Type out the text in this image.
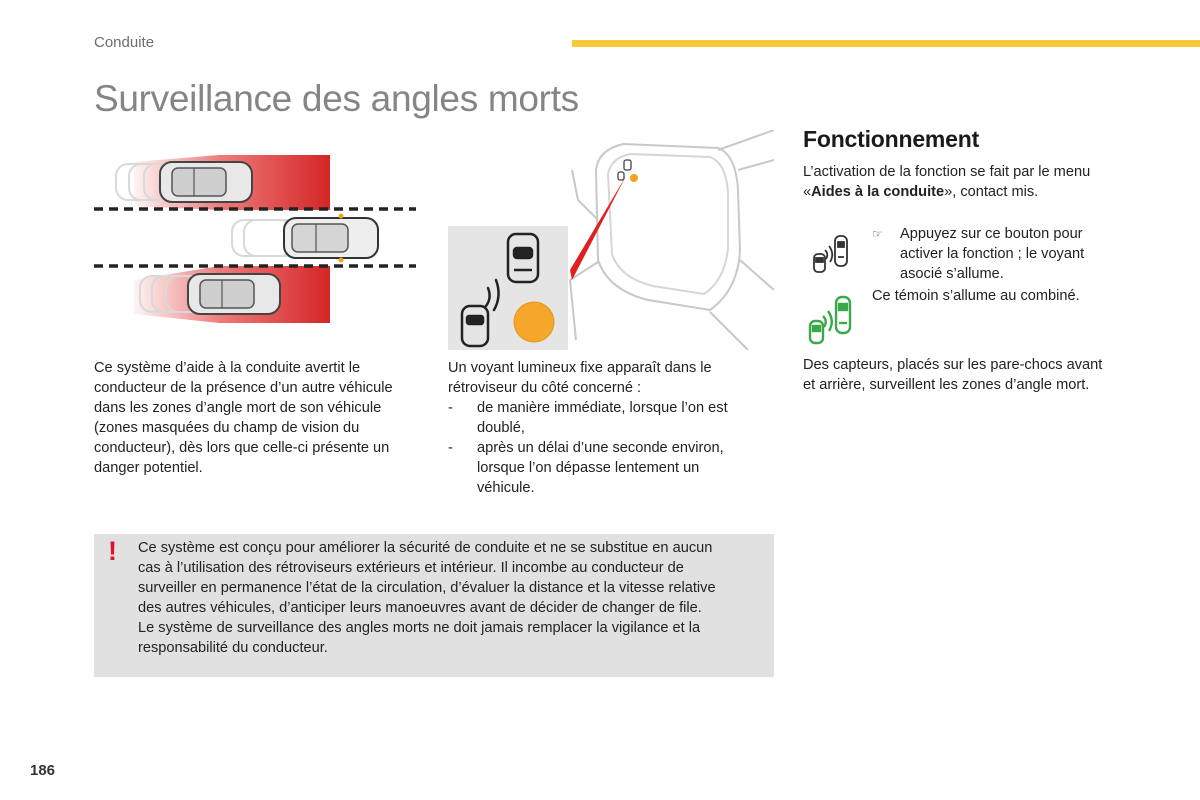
Conduite
Surveillance des angles morts
Ce système d’aide à la conduite avertit le
conducteur de la présence d’un autre véhicule
dans les zones d’angle mort de son véhicule
(zones masquées du champ de vision du
conducteur), dès lors que celle-ci présente un
danger potentiel.
Un voyant lumineux fixe apparaît dans le
rétroviseur du côté concerné :
- de manière immédiate, lorsque l’on est
doublé,
- après un délai d’une seconde environ,
lorsque l’on dépasse lentement un
véhicule.
Fonctionnement
L’activation de la fonction se fait par le menu
«Aides à la conduite», contact mis.
☞ Appuyez sur ce bouton pour
activer la fonction ; le voyant
asocié s’allume.
Ce témoin s’allume au combiné.
Des capteurs, placés sur les pare-chocs avant
et arrière, surveillent les zones d’angle mort.
! Ce système est conçu pour améliorer la sécurité de conduite et ne se substitue en aucun
cas à l’utilisation des rétroviseurs extérieurs et intérieur. Il incombe au conducteur de
surveiller en permanence l’état de la circulation, d’évaluer la distance et la vitesse relative
des autres véhicules, d’anticiper leurs manoeuvres avant de décider de changer de file.
Le système de surveillance des angles morts ne doit jamais remplacer la vigilance et la
responsabilité du conducteur.
186
